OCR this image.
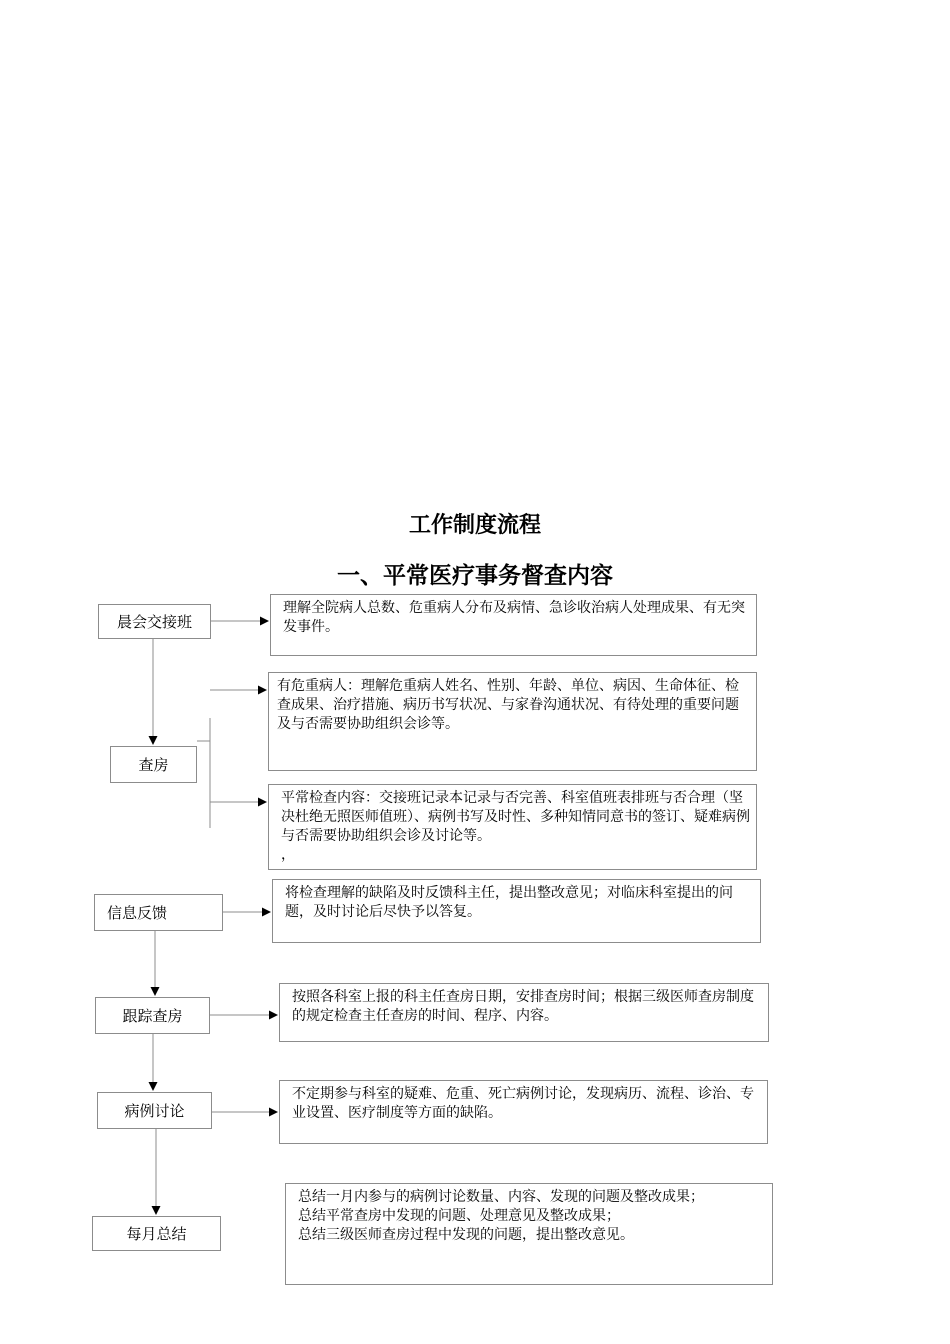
工作制度流程
一、平常医疗事务督查内容
晨会交接班
查房
信息反馈
跟踪查房
病例讨论
每月总结
理解全院病人总数、危重病人分布及病情、急诊收治病人处理成果、有无突发事件。
有危重病人：理解危重病人姓名、性别、年龄、单位、病因、生命体征、检查成果、治疗措施、病历书写状况、与家眷沟通状况、有待处理的重要问题及与否需要协助组织会诊等。
平常检查内容：交接班记录本记录与否完善、科室值班表排班与否合理（坚决杜绝无照医师值班）、病例书写及时性、多种知情同意书的签订、疑难病例与否需要协助组织会诊及讨论等。
，
将检查理解的缺陷及时反馈科主任，提出整改意见；对临床科室提出的问题，及时讨论后尽快予以答复。
按照各科室上报的科主任查房日期，安排查房时间；根据三级医师查房制度的规定检查主任查房的时间、程序、内容。
不定期参与科室的疑难、危重、死亡病例讨论，发现病历、流程、诊治、专业设置、医疗制度等方面的缺陷。
总结一月内参与的病例讨论数量、内容、发现的问题及整改成果；
总结平常查房中发现的问题、处理意见及整改成果；
总结三级医师查房过程中发现的问题，提出整改意见。
